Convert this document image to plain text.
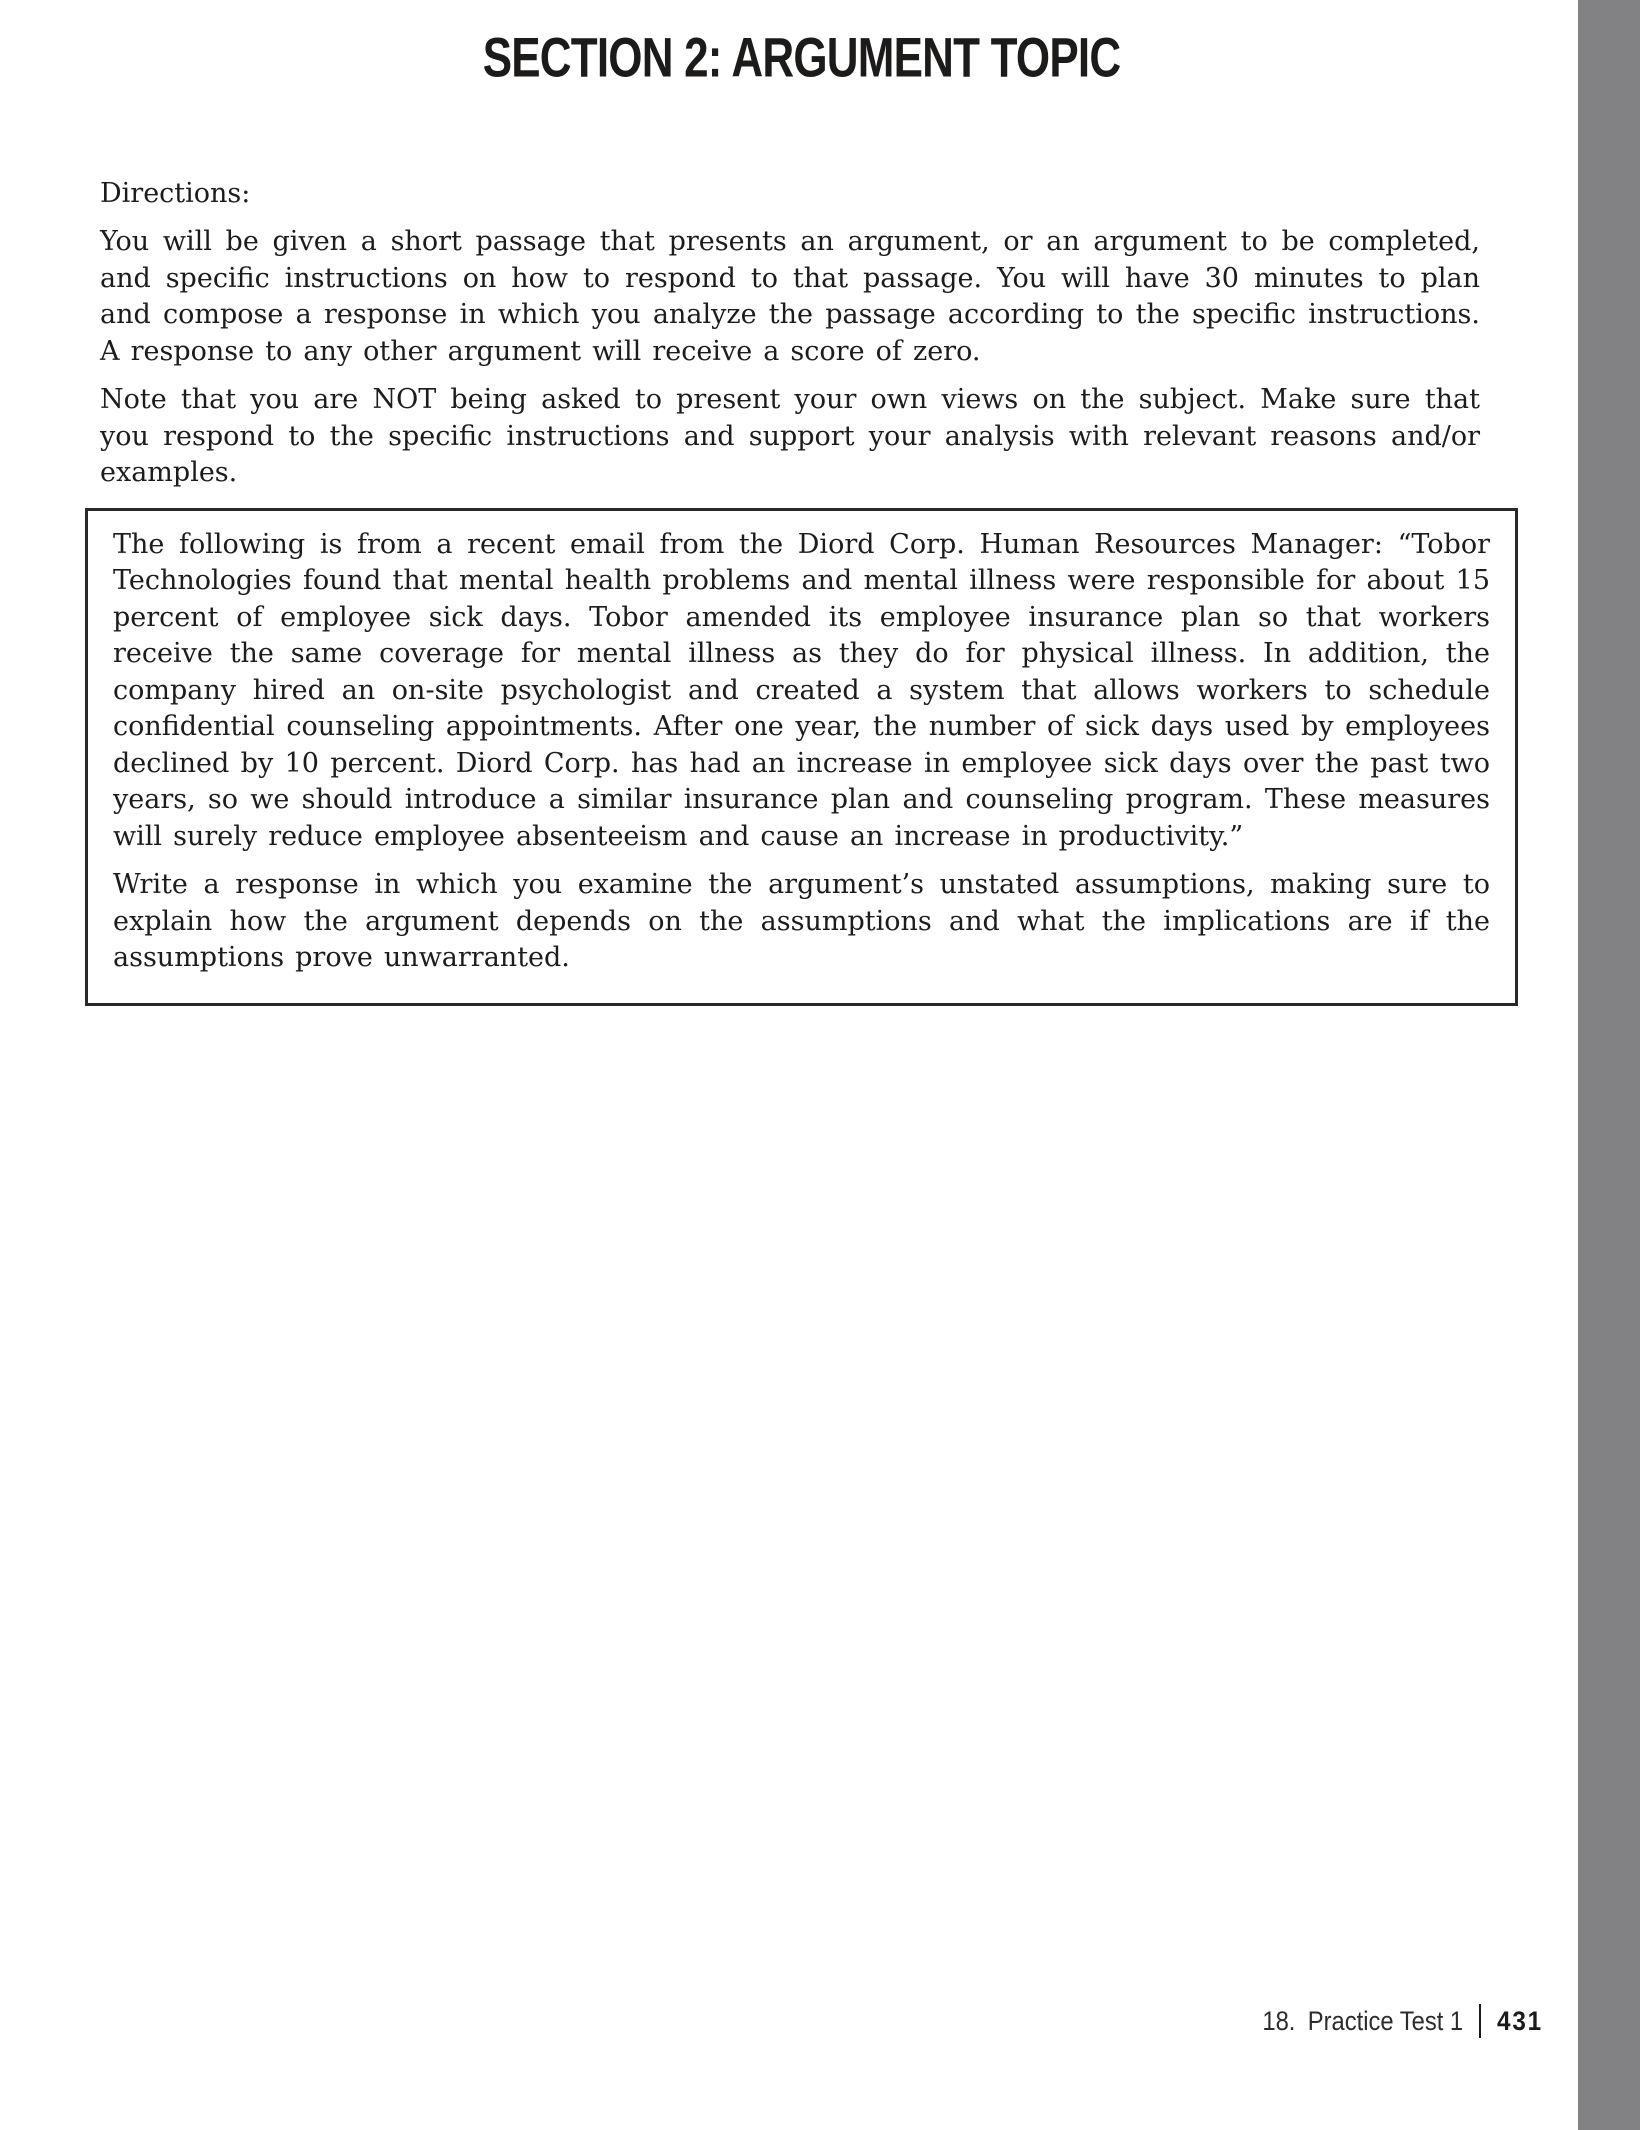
SECTION 2: ARGUMENT TOPIC

Directions:

You will be given a short passage that presents an argument, or an argument to be completed, and specific instructions on how to respond to that passage. You will have 30 minutes to plan and compose a response in which you analyze the passage according to the specific instructions. A response to any other argument will receive a score of zero.

Note that you are NOT being asked to present your own views on the subject. Make sure that you respond to the specific instructions and support your analysis with relevant reasons and/or examples.

The following is from a recent email from the Diord Corp. Human Resources Manager: “Tobor Technologies found that mental health problems and mental illness were responsible for about 15 percent of employee sick days. Tobor amended its employee insurance plan so that workers receive the same coverage for mental illness as they do for physical illness. In addition, the company hired an on-site psychologist and created a system that allows workers to schedule confidential counseling appointments. After one year, the number of sick days used by employees declined by 10 percent. Diord Corp. has had an increase in employee sick days over the past two years, so we should introduce a similar insurance plan and counseling program. These measures will surely reduce employee absenteeism and cause an increase in productivity.”

Write a response in which you examine the argument’s unstated assumptions, making sure to explain how the argument depends on the assumptions and what the implications are if the assumptions prove unwarranted.

18. Practice Test 1 431
